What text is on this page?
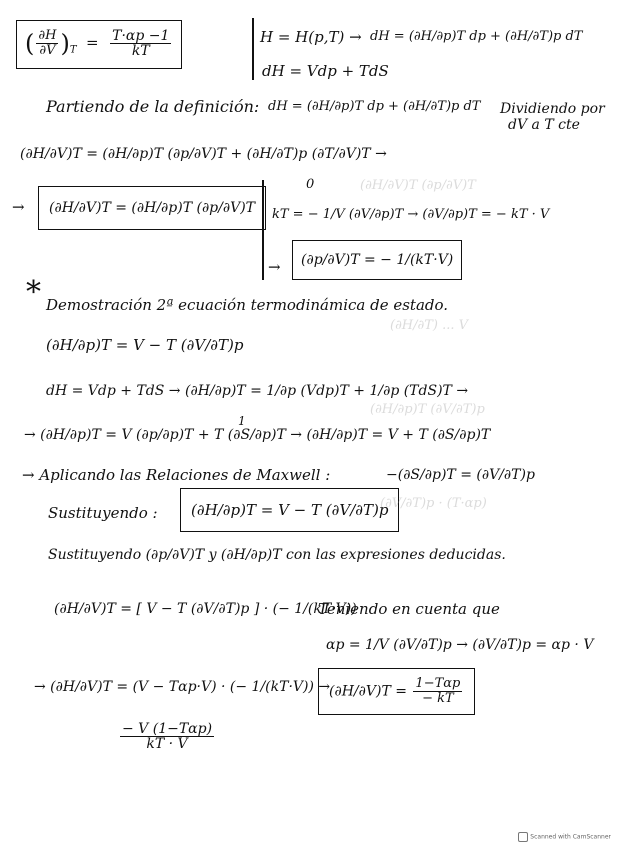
( $\frac{\partial H}{\partial V} )_T = \frac{T\cdot\alpha p -1}{kT}$	H = H(p,T) → dH = (∂H/∂p)T dp + (∂H/∂T)p dT
dH = Vdp + TdS
Partiendo de la definición: dH = (∂H/∂p)T dp + (∂H/∂T)p dT Dividiendo por
dV a T cte
(∂H/∂V)T = (∂H/∂p)T (∂p/∂V)T + (∂H/∂T)p (∂T/∂V)T →
0
→	(∂H/∂V)T = (∂H/∂p)T (∂p/∂V)T	kT = − 1/V (∂V/∂p)T → (∂V/∂p)T = − kT · V
→	(∂p/∂V)T = − 1/(kT·V)
* Demostración 2ª ecuación termodinámica de estado.
(∂H/∂p)T = V − T (∂V/∂T)p
dH = Vdp + TdS → (∂H/∂p)T = 1/∂p (Vdp)T + 1/∂p (TdS)T →
→ (∂H/∂p)T = V (∂p/∂p)T + T (∂S/∂p)T → (∂H/∂p)T = V + T (∂S/∂p)T
1
→ Aplicando las Relaciones de Maxwell :	−(∂S/∂p)T = (∂V/∂T)p
Sustituyendo :	(∂H/∂p)T = V − T (∂V/∂T)p
Sustituyendo (∂p/∂V)T y (∂H/∂p)T con las expresiones deducidas.
(∂H/∂V)T = [ V − T (∂V/∂T)p ] · (− 1/(kT·V))
Teniendo en cuenta que
αp = 1/V (∂V/∂T)p → (∂V/∂T)p = αp · V
→ (∂H/∂V)T = (V − Tαp·V) · (− 1/(kT·V)) →
$(\partial H/\partial V)T = \frac{\text{1−Tαp}}{- kT}$
$\frac{\text{− V (1−Tαp)}}{kT \cdot V}$
(∂H/∂V)T (∂p/∂V)T
(∂H/∂T) ... V
(∂H/∂p)T (∂V/∂T)p
(∂V/∂T)p · (T·αp)
Scanned with CamScanner
